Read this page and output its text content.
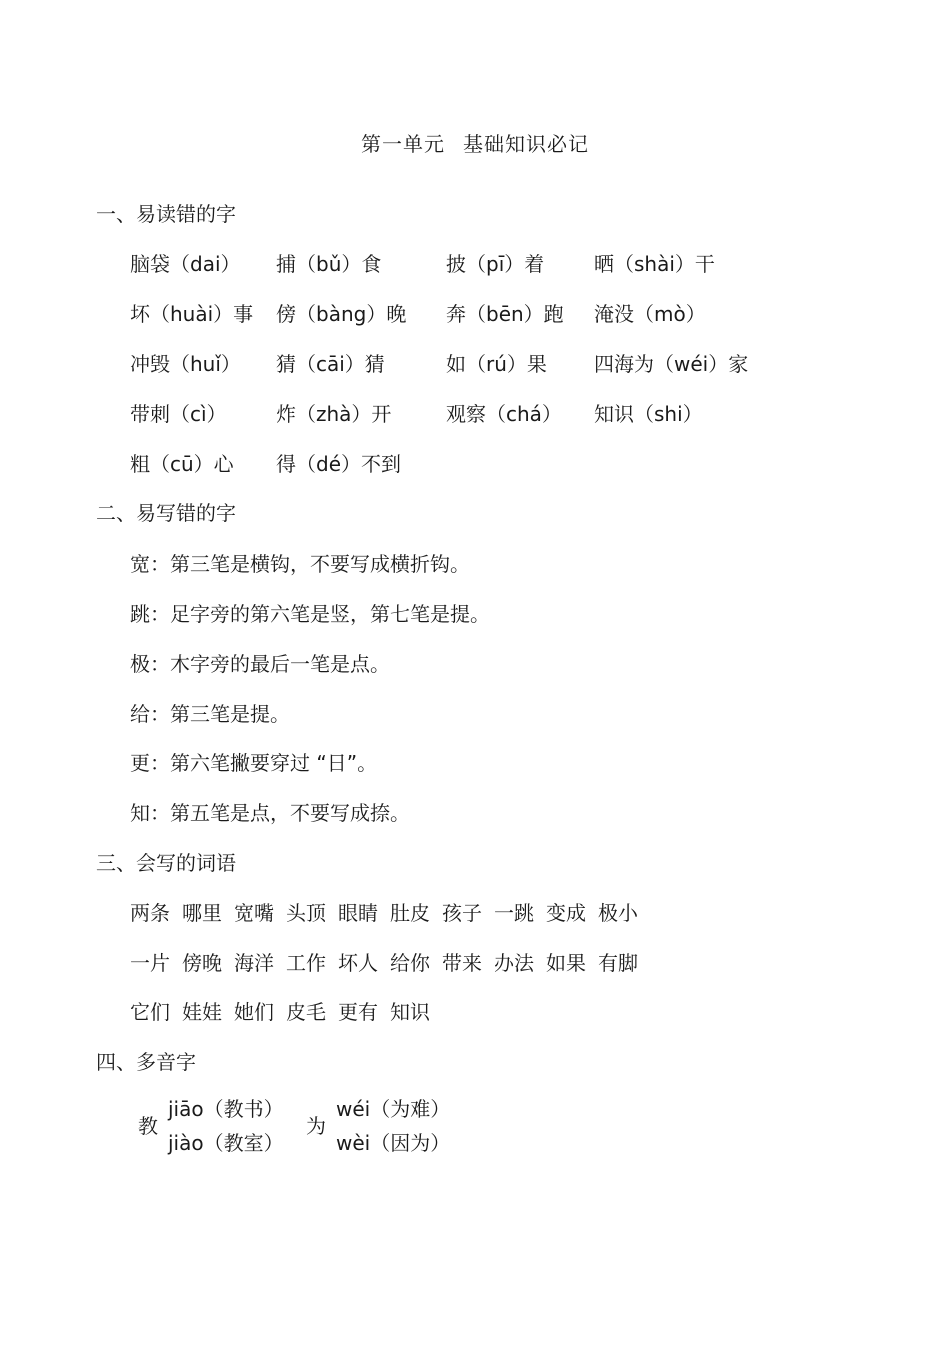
第一单元 基础知识必记
一、易读错的字
脑袋（dai） 捕（bǔ）食	披（pī）着 晒（shài）干
坏（huài）事 傍（bàng）晚 奔（bēn）跑 淹没（mò）
冲毁（huǐ） 猜（cāi）猜	如（rú）果 四海为（wéi）家
带刺（cì） 炸（zhà）开	观察（chá） 知识（shi）
粗（cū）心 得（dé）不到
二、易写错的字
宽：第三笔是横钩，不要写成横折钩。
跳：足字旁的第六笔是竖，第七笔是提。
极：木字旁的最后一笔是点。
给：第三笔是提。
更：第六笔撇要穿过 “日”。
知：第五笔是点，不要写成捺。
三、会写的词语
两条 哪里 宽嘴 头顶 眼睛 肚皮 孩子 一跳 变成 极小
一片 傍晚 海洋 工作 坏人 给你 带来 办法 如果 有脚
它们 娃娃 她们 皮毛 更有 知识
四、多音字
教
jiāo（教书）
jiào（教室）
为
wéi（为难）
wèi（因为）
